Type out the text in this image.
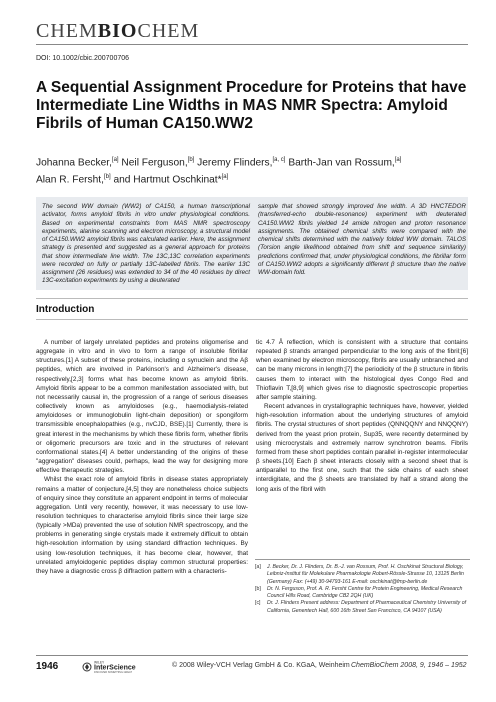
CHEMBIOCHEM
DOI: 10.1002/cbic.200700706
A Sequential Assignment Procedure for Proteins that have Intermediate Line Widths in MAS NMR Spectra: Amyloid Fibrils of Human CA150.WW2
Johanna Becker,[a] Neil Ferguson,[b] Jeremy Flinders,[a, c] Barth-Jan van Rossum,[a]
Alan R. Fersht,[b] and Hartmut Oschkinat*[a]

The second WW domain (WW2) of CA150, a human transcriptional activator, forms amyloid fibrils in vitro under physiological conditions. Based on experimental constraints from MAS NMR spectroscopy experiments, alanine scanning and electron microscopy, a structural model of CA150.WW2 amyloid fibrils was calculated earlier. Here, the assignment strategy is presented and suggested as a general approach for proteins that show intermediate line width. The 13C,13C correlation experiments were recorded on fully or partially 13C-labelled fibrils. The earlier 13C assignment (26 residues) was extended to 34 of the 40 residues by direct 13C-excitation experiments by using a deuterated

sample that showed strongly improved line width. A 3D HNCTEDOR (transferred-echo double-resonance) experiment with deuterated CA150.WW2 fibrils yielded 14 amide nitrogen and proton resonance assignments. The obtained chemical shifts were compared with the chemical shifts determined with the natively folded WW domain. TALOS (Torsion angle likelihood obtained from shift and sequence similarity) predictions confirmed that, under physiological conditions, the fibrillar form of CA150.WW2 adopts a significantly different β structure than the native WW-domain fold.

Introduction

A number of largely unrelated peptides and proteins oligomerise and aggregate in vitro and in vivo to form a range of insoluble fibrillar structures.[1] A subset of these proteins, including α synuclein and the Aβ peptides, which are involved in Parkinson's and Alzheimer's disease, respectively,[2,3] forms what has become known as amyloid fibrils. Amyloid fibrils appear to be a common manifestation associated with, but not necessarily causal in, the progression of a range of serious diseases collectively known as amyloidoses (e.g., haemodialysis-related amyloidoses or immunoglobulin light-chain deposition) or spongiform transmissible encephalopathies (e.g., nvCJD, BSE).[1] Currently, there is great interest in the mechanisms by which these fibrils form, whether fibrils or oligomeric precursors are toxic and in the structures of relevant conformational states.[4] A better understanding of the origins of these "aggregation" diseases could, perhaps, lead the way for designing more effective therapeutic strategies.

Whilst the exact role of amyloid fibrils in disease states appropriately remains a matter of conjecture,[4,5] they are nonetheless choice subjects of enquiry since they constitute an apparent endpoint in terms of molecular aggregation. Until very recently, however, it was necessary to use low-resolution techniques to characterise amyloid fibrils since their large size (typically >MDa) prevented the use of solution NMR spectroscopy, and the problems in generating single crystals made it extremely difficult to obtain high-resolution information by using standard diffraction techniques. By using low-resolution techniques, it has become clear, however, that unrelated amyloidogenic peptides display common structural properties: they have a diagnostic cross β diffraction pattern with a characteris-

tic 4.7 Å reflection, which is consistent with a structure that contains repeated β strands arranged perpendicular to the long axis of the fibril;[6] when examined by electron microscopy, fibrils are usually unbranched and can be many microns in length;[7] the periodicity of the β structure in fibrils causes them to interact with the histological dyes Congo Red and Thioflavin T,[8,9] which gives rise to diagnostic spectroscopic properties after sample staining.

Recent advances in crystallographic techniques have, however, yielded high-resolution information about the underlying structures of amyloid fibrils. The crystal structures of short peptides (QNNQQNY and NNQQNY) derived from the yeast prion protein, Sup35, were recently determined by using microcrystals and extremely narrow synchrotron beams. Fibrils formed from these short peptides contain parallel in-register intermolecular β sheets.[10] Each β sheet interacts closely with a second sheet that is antiparallel to the first one, such that the side chains of each sheet interdigitate, and the β sheets are translated by half a strand along the long axis of the fibril with

[a]	J. Becker, Dr. J. Flinders, Dr. B.-J. van Rossum, Prof. H. Oschkinat Structural Biology, Leibniz-Institut für Molekulare Pharmakologie Robert-Rössle-Strasse 10, 13125 Berlin (Germany) Fax: (+49) 30-94793-161 E-mail: oschkinat@fmp-berlin.de
[b]	Dr. N. Ferguson, Prof. A. R. Fersht Centre for Protein Engineering, Medical Research Council Hills Road, Cambridge CB2 2QH (UK)
[c]	Dr. J. Flinders Present address: Department of Pharmaceutical Chemistry University of California, Genentech Hall, 600 16th Street San Francisco, CA 94107 (USA)
1946	WILEY
InterScience
DISCOVER SOMETHING GREAT
© 2008 Wiley-VCH Verlag GmbH & Co. KGaA, Weinheim ChemBioChem 2008, 9, 1946 – 1952
